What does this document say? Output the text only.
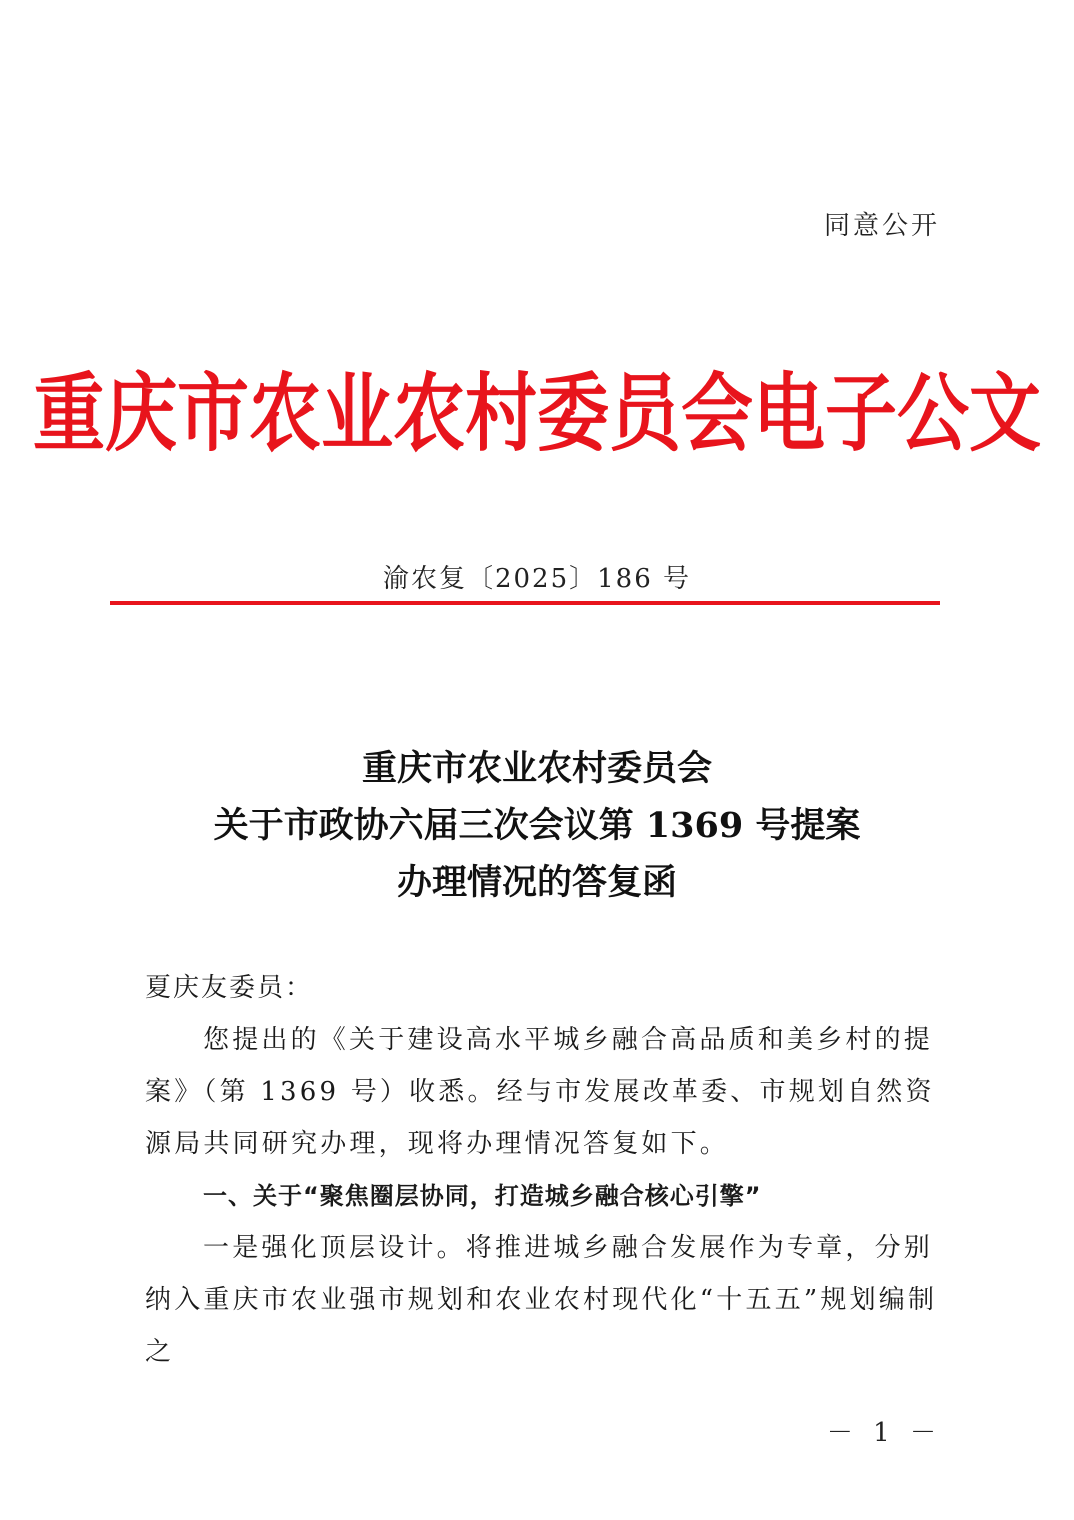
同意公开
重庆市农业农村委员会电子公文
渝农复〔2025〕186 号
重庆市农业农村委员会
关于市政协六届三次会议第 1369 号提案
办理情况的答复函

夏庆友委员：

您提出的《关于建设高水平城乡融合高品质和美乡村的提案》（第 1369 号）收悉。经与市发展改革委、市规划自然资源局共同研究办理，现将办理情况答复如下。

一、关于“聚焦圈层协同，打造城乡融合核心引擎”

一是强化顶层设计。将推进城乡融合发展作为专章，分别纳入重庆市农业强市规划和农业农村现代化“十五五”规划编制之

－ 1 －
